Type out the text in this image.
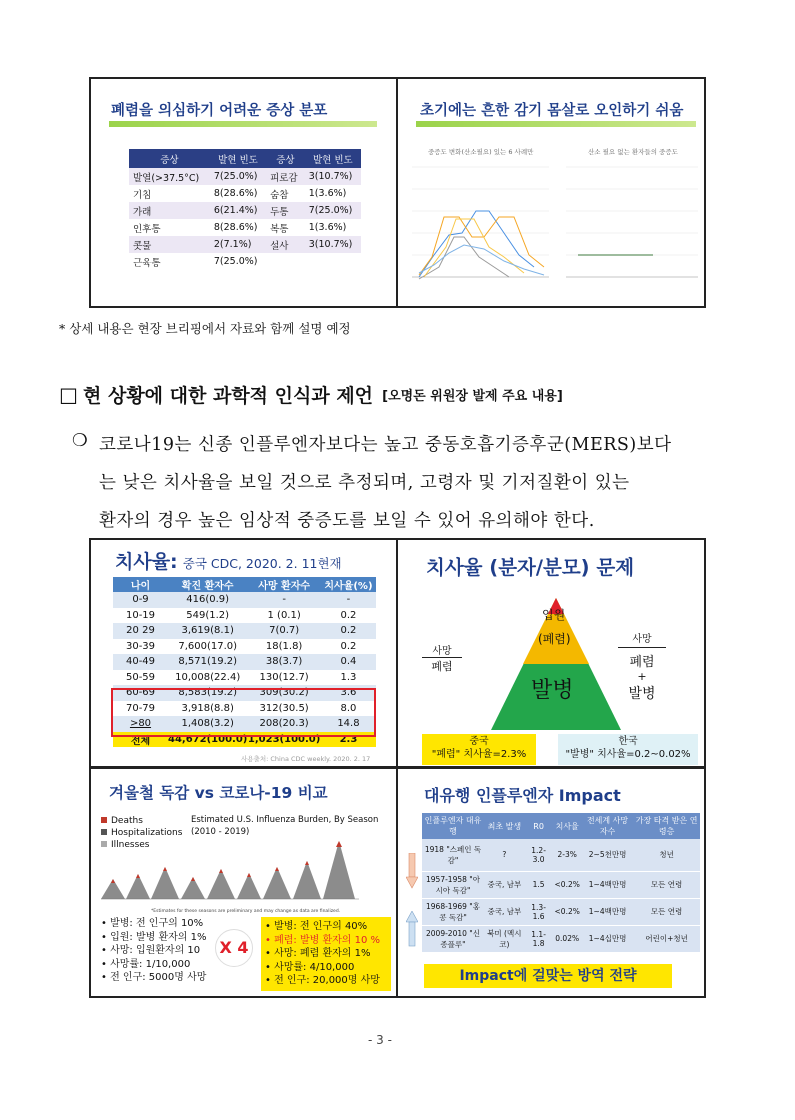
폐렴을 의심하기 어려운 증상 분포
증상	발현 빈도	증상	발현 빈도
발열(>37.5°C)	7(25.0%)	피로감	3(10.7%)
기침	8(28.6%)	숨참	1(3.6%)
가래	6(21.4%)	두통	7(25.0%)
인후통	8(28.6%)	복통	1(3.6%)
콧물	2(7.1%)	설사	3(10.7%)
근육통	7(25.0%)		
초기에는 흔한 감기 몸살로 오인하기 쉬움
중증도 변화(산소필요) 있는 6 사례만	산소 필요 없는 환자들의 중증도
* 상세 내용은 현장 브리핑에서 자료와 함께 설명 예정
□ 현 상황에 대한 과학적 인식과 제언 [오명돈 위원장 발제 주요 내용]
❍ 코로나19는 신종 인플루엔자보다는 높고 중동호흡기증후군(MERS)보다
는 낮은 치사율을 보일 것으로 추정되며, 고령자 및 기저질환이 있는
환자의 경우 높은 임상적 중증도를 보일 수 있어 유의해야 한다.
치사율: 중국 CDC, 2020. 2. 11현재
나이	확진 환자수	사망 환자수	치사율(%)
0-9	416(0.9)	-	-
10-19	549(1.2)	1 (0.1)	0.2
20 29	3,619(8.1)	7(0.7)	0.2
30-39	7,600(17.0)	18(1.8)	0.2
40-49	8,571(19.2)	38(3.7)	0.4
50-59	10,008(22.4)	130(12.7)	1.3
60-69	8,583(19.2)	309(30.2)	3.6
70-79	3,918(8.8)	312(30.5)	8.0
>80	1,408(3.2)	208(20.3)	14.8
전체	44,672(100.0)	1,023(100.0)	2.3
사용출처: China CDC weekly. 2020. 2. 17
치사율 (분자/분모) 문제
입원
(폐렴)
발병
사망
폐렴
사망
폐렴
+
발병
중국
"폐렴" 치사율=2.3%
한국
"발병" 치사율=0.2~0.02%
겨울철 독감 vs 코로나-19 비교
Deaths
Hospitalizations
Illnesses
Estimated U.S. Influenza Burden, By Season
(2010 - 2019)
*Estimates for these seasons are preliminary and may change as data are finalized.
• 발병: 전 인구의 10%
• 입원: 발병 환자의 1%
• 사망: 입원환자의 10
• 사망률: 1/10,000
• 전 인구: 5000명 사망
X 4
• 발병: 전 인구의 40%
• 폐렴: 발병 환자의 10 %
• 사망: 폐렴 환자의 1%
• 사망률: 4/10,000
• 전 인구: 20,000명 사망
대유행 인플루엔자 Impact
인플루엔자 대유행	최초 발생	R0	치사율	전세계 사망자수	가장 타격 받은 연령층
1918 "스페인 독감"	?	1.2-3.0	2-3%	2~5천만명	청년
1957-1958 "아시아 독감"	중국, 남부	1.5	<0.2%	1~4백만명	모든 연령
1968-1969 "홍콩 독감"	중국, 남부	1.3-1.6	<0.2%	1~4백만명	모든 연령
2009-2010 "신종플루"	북미 (멕시코)	1.1-1.8	0.02%	1~4십만명	어린이+청년
Impact에 걸맞는 방역 전략
- 3 -
